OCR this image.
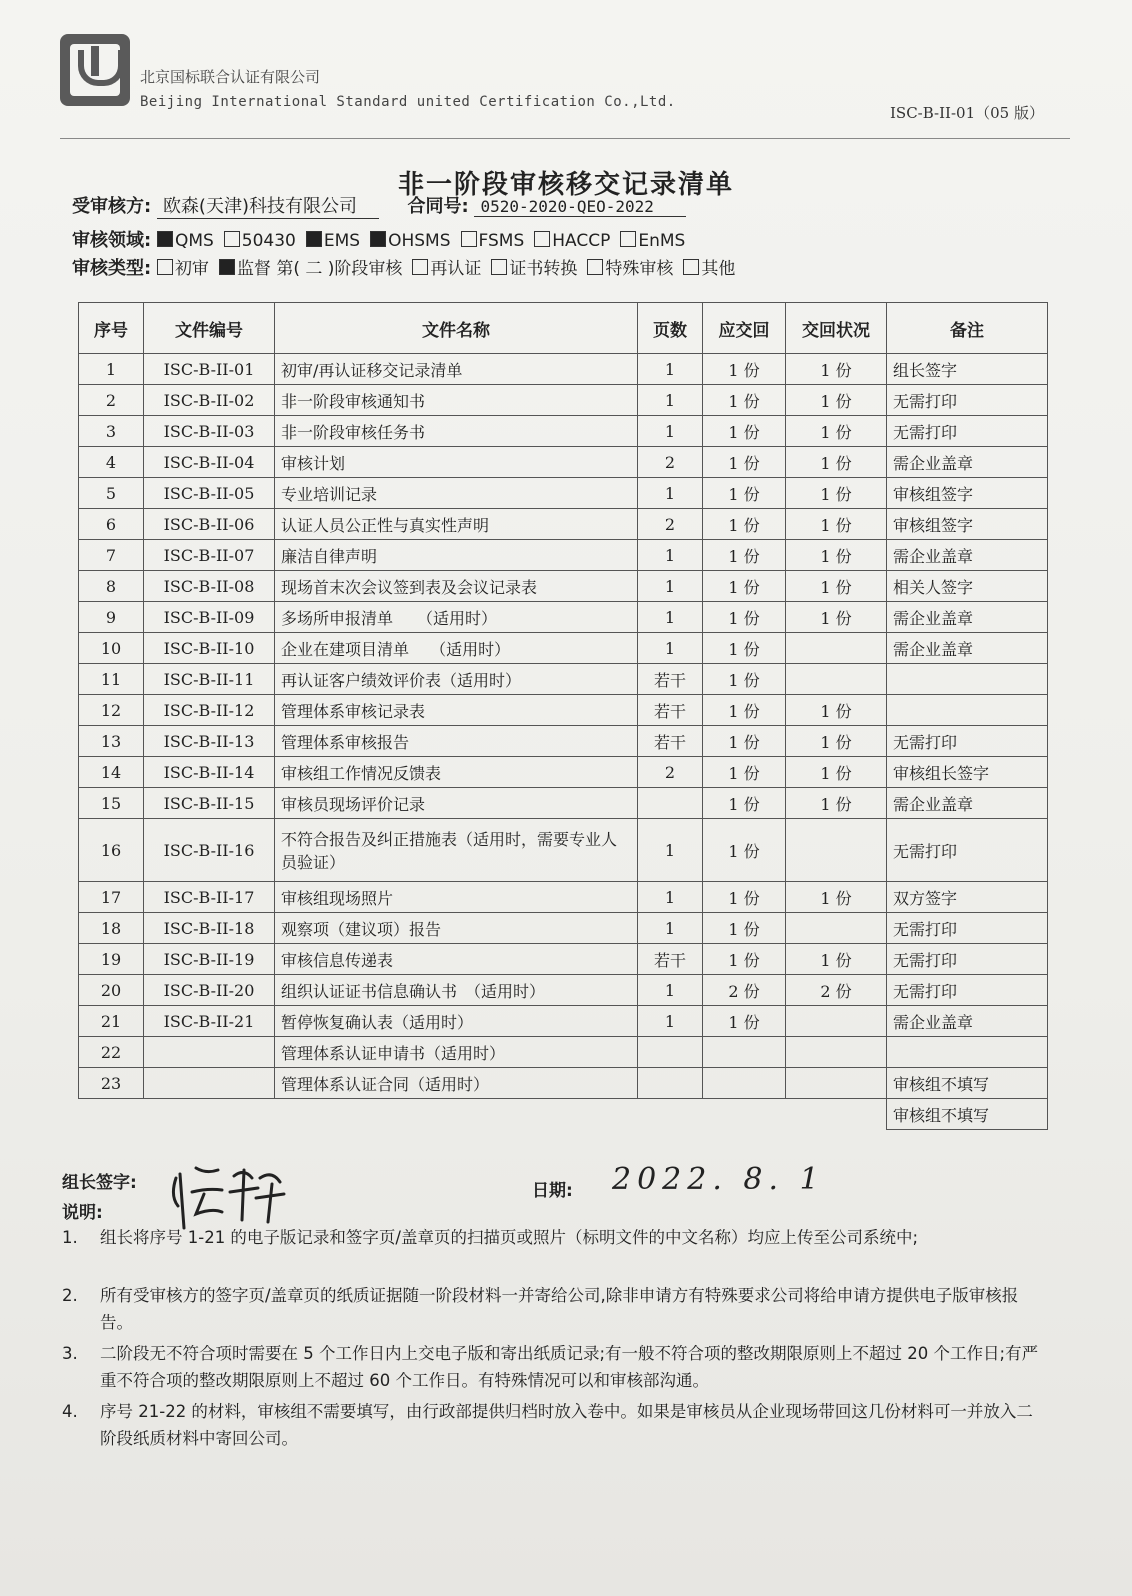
北京国标联合认证有限公司
Beijing International Standard united Certification Co.,Ltd.
ISC-B-II-01（05 版）
非一阶段审核移交记录清单
受审核方: 欧森(天津)科技有限公司	合同号: 0520-2020-QEO-2022
审核领域: QMS 50430 EMS OHSMS FSMS HACCP EnMS
审核类型: 初审 监督 第( 二 )阶段审核 再认证 证书转换 特殊审核 其他
序号	文件编号	文件名称	页数	应交回	交回状况	备注
1	ISC-B-II-01	初审/再认证移交记录清单	1	1 份	1 份	组长签字
2	ISC-B-II-02	非一阶段审核通知书	1	1 份	1 份	无需打印
3	ISC-B-II-03	非一阶段审核任务书	1	1 份	1 份	无需打印
4	ISC-B-II-04	审核计划	2	1 份	1 份	需企业盖章
5	ISC-B-II-05	专业培训记录	1	1 份	1 份	审核组签字
6	ISC-B-II-06	认证人员公正性与真实性声明	2	1 份	1 份	审核组签字
7	ISC-B-II-07	廉洁自律声明	1	1 份	1 份	需企业盖章
8	ISC-B-II-08	现场首末次会议签到表及会议记录表	1	1 份	1 份	相关人签字
9	ISC-B-II-09	多场所申报清单　　（适用时）	1	1 份	1 份	需企业盖章
10	ISC-B-II-10	企业在建项目清单　 （适用时）	1	1 份		需企业盖章
11	ISC-B-II-11	再认证客户绩效评价表（适用时）	若干	1 份		
12	ISC-B-II-12	管理体系审核记录表	若干	1 份	1 份	
13	ISC-B-II-13	管理体系审核报告	若干	1 份	1 份	无需打印
14	ISC-B-II-14	审核组工作情况反馈表	2	1 份	1 份	审核组长签字
15	ISC-B-II-15	审核员现场评价记录		1 份	1 份	需企业盖章
16	ISC-B-II-16	不符合报告及纠正措施表（适用时，需要专业人员验证）	1	1 份		无需打印
17	ISC-B-II-17	审核组现场照片	1	1 份	1 份	双方签字
18	ISC-B-II-18	观察项（建议项）报告	1	1 份		无需打印
19	ISC-B-II-19	审核信息传递表	若干	1 份	1 份	无需打印
20	ISC-B-II-20	组织认证证书信息确认书　（适用时）	1	2 份	2 份	无需打印
21	ISC-B-II-21	暂停恢复确认表（适用时）	1	1 份		需企业盖章
22		管理体系认证申请书（适用时）				
23		管理体系认证合同（适用时）				审核组不填写
						审核组不填写
组长签字:	日期: 2022. 8. 1
说明:
1.	组长将序号 1-21 的电子版记录和签字页/盖章页的扫描页或照片（标明文件的中文名称）均应上传至公司系统中;
2.	所有受审核方的签字页/盖章页的纸质证据随一阶段材料一并寄给公司,除非申请方有特殊要求公司将给申请方提供电子版审核报告。
3.	二阶段无不符合项时需要在 5 个工作日内上交电子版和寄出纸质记录;有一般不符合项的整改期限原则上不超过 20 个工作日;有严重不符合项的整改期限原则上不超过 60 个工作日。有特殊情况可以和审核部沟通。
4.	序号 21-22 的材料，审核组不需要填写，由行政部提供归档时放入卷中。如果是审核员从企业现场带回这几份材料可一并放入二阶段纸质材料中寄回公司。
